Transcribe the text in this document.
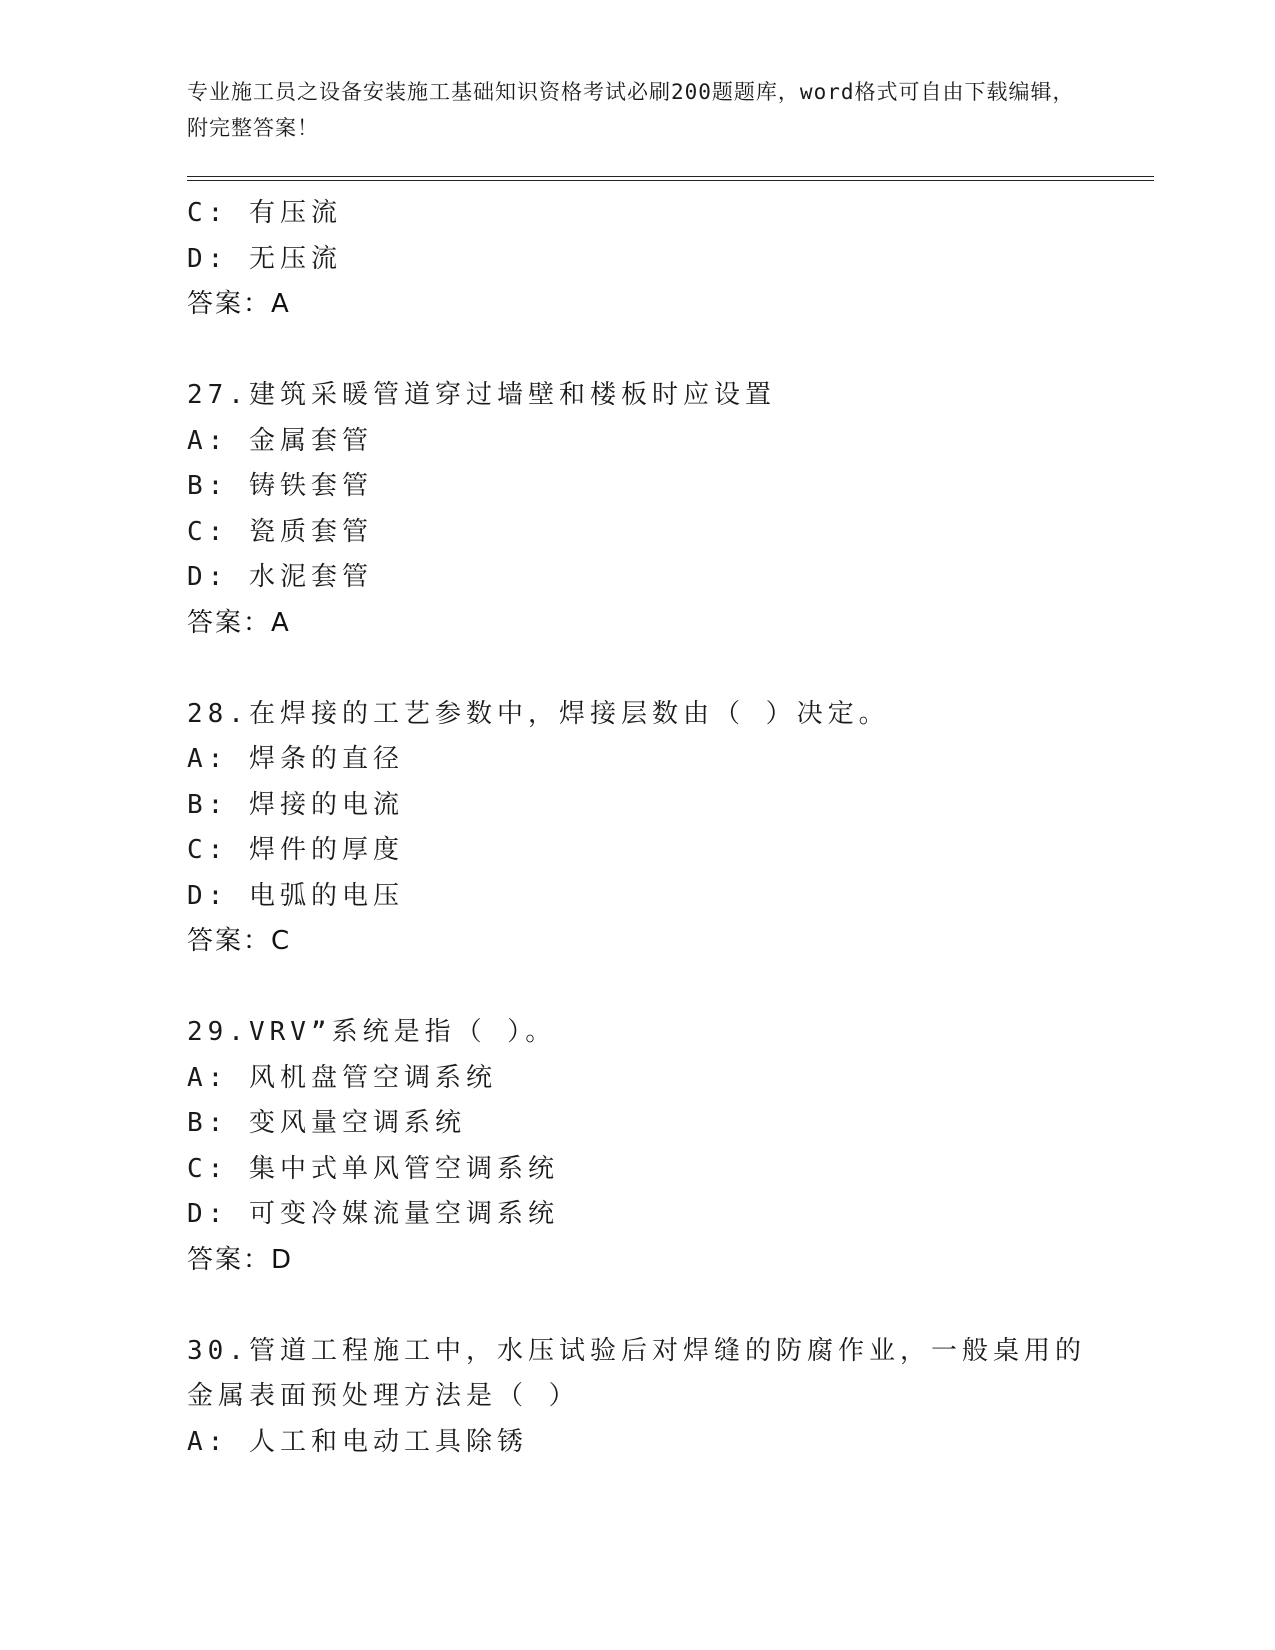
专业施工员之设备安装施工基础知识资格考试必刷200题题库，word格式可自由下载编辑，附完整答案！
C: 有压流
D: 无压流
答案：A
27.建筑采暖管道穿过墙壁和楼板时应设置
A: 金属套管
B: 铸铁套管
C: 瓷质套管
D: 水泥套管
答案：A
28.在焊接的工艺参数中，焊接层数由（ ）决定。
A: 焊条的直径
B: 焊接的电流
C: 焊件的厚度
D: 电弧的电压
答案：C
29.VRV”系统是指（ ）。
A: 风机盘管空调系统
B: 变风量空调系统
C: 集中式单风管空调系统
D: 可变冷媒流量空调系统
答案：D
30.管道工程施工中，水压试验后对焊缝的防腐作业，一般桌用的金属表面预处理方法是（ ）
A: 人工和电动工具除锈
